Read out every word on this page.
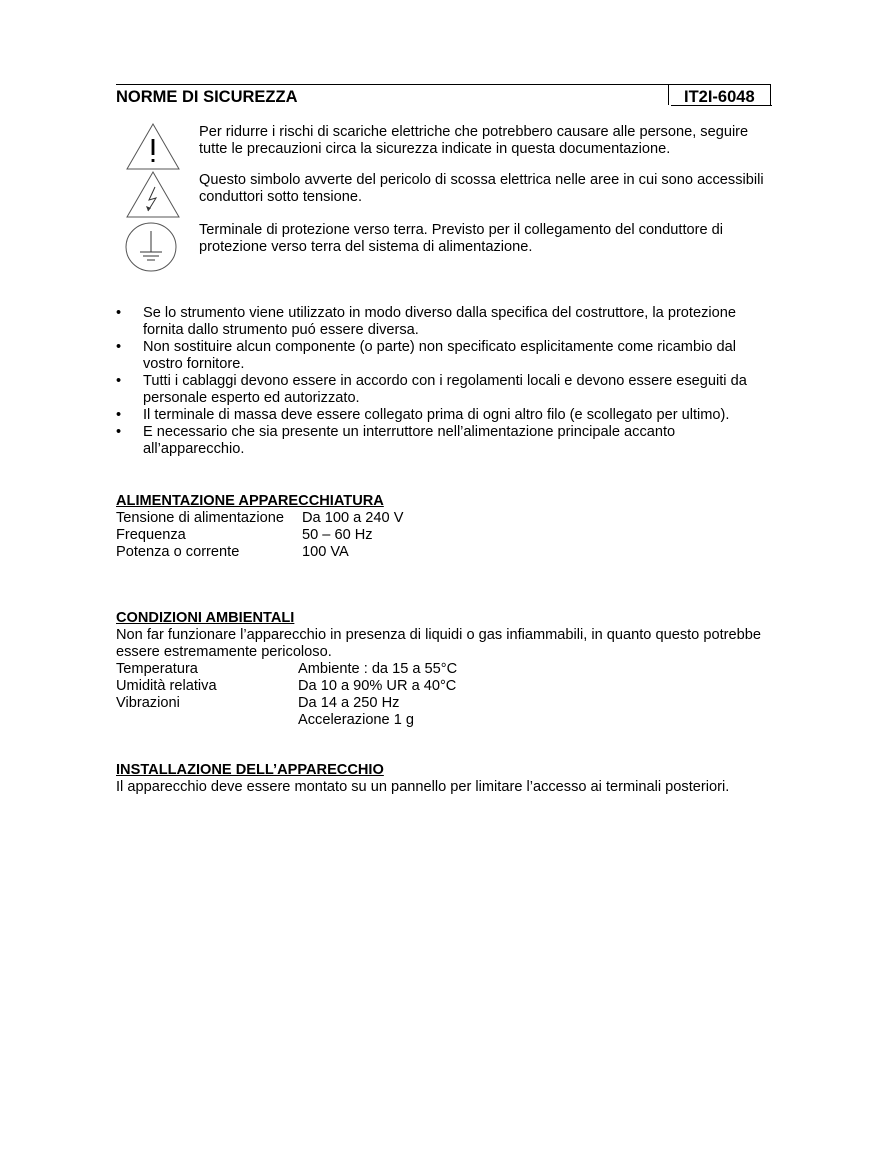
NORME DI SICUREZZA	IT2I-6048
Per ridurre i rischi di scariche elettriche che potrebbero causare alle persone, seguire tutte le precauzioni circa la sicurezza indicate in questa documentazione.
Questo simbolo avverte del pericolo di scossa elettrica nelle aree in cui sono accessibili conduttori sotto tensione.
Terminale di protezione verso terra. Previsto per il collegamento del conduttore di protezione verso terra del sistema di alimentazione.
• Se lo strumento viene utilizzato in modo diverso dalla specifica del costruttore, la protezione fornita dallo strumento puó essere diversa.
• Non sostituire alcun componente (o parte) non specificato esplicitamente come ricambio dal vostro fornitore.
• Tutti i cablaggi devono essere in accordo con i regolamenti locali e devono essere eseguiti da personale esperto ed autorizzato.
• Il terminale di massa deve essere collegato prima di ogni altro filo (e scollegato per ultimo).
• E necessario che sia presente un interruttore nell’alimentazione principale accanto all’apparecchio.
ALIMENTAZIONE APPARECCHIATURA
Tensione di alimentazione Da 100 a 240 V
Frequenza	50 – 60 Hz
Potenza o corrente	100 VA
CONDIZIONI AMBIENTALI
Non far funzionare l’apparecchio in presenza di liquidi o gas infiammabili, in quanto questo potrebbe essere estremamente pericoloso.
Temperatura	Ambiente : da 15 a 55°C
Umidità relativa	Da 10 a 90% UR a 40°C
Vibrazioni	Da 14 a 250 Hz
Accelerazione 1 g
INSTALLAZIONE DELL’APPARECCHIO
Il apparecchio deve essere montato su un pannello per limitare l’accesso ai terminali posteriori.
